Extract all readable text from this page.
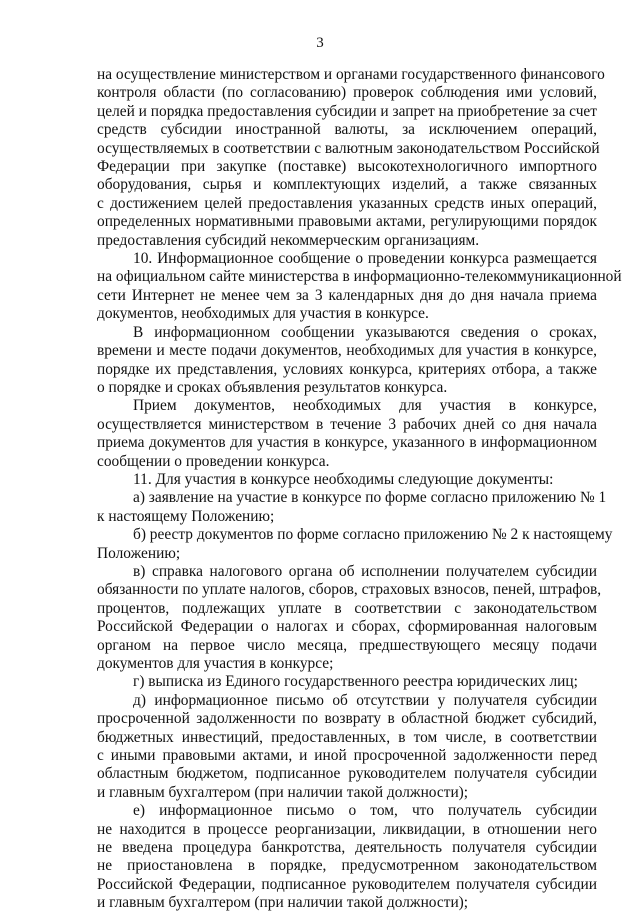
3
на осуществление министерством и органами государственного финансового
контроля области (по согласованию) проверок соблюдения ими условий,
целей и порядка предоставления субсидии и запрет на приобретение за счет
средств субсидии иностранной валюты, за исключением операций,
осуществляемых в соответствии с валютным законодательством Российской
Федерации при закупке (поставке) высокотехнологичного импортного
оборудования, сырья и комплектующих изделий, а также связанных
с достижением целей предоставления указанных средств иных операций,
определенных нормативными правовыми актами, регулирующими порядок
предоставления субсидий некоммерческим организациям.
10. Информационное сообщение о проведении конкурса размещается
на официальном сайте министерства в информационно-телекоммуникационной
сети Интернет не менее чем за 3 календарных дня до дня начала приема
документов, необходимых для участия в конкурсе.
В информационном сообщении указываются сведения о сроках,
времени и месте подачи документов, необходимых для участия в конкурсе,
порядке их представления, условиях конкурса, критериях отбора, а также
о порядке и сроках объявления результатов конкурса.
Прием документов, необходимых для участия в конкурсе,
осуществляется министерством в течение 3 рабочих дней со дня начала
приема документов для участия в конкурсе, указанного в информационном
сообщении о проведении конкурса.
11. Для участия в конкурсе необходимы следующие документы:
а) заявление на участие в конкурсе по форме согласно приложению № 1
к настоящему Положению;
б) реестр документов по форме согласно приложению № 2 к настоящему
Положению;
в) справка налогового органа об исполнении получателем субсидии
обязанности по уплате налогов, сборов, страховых взносов, пеней, штрафов,
процентов, подлежащих уплате в соответствии с законодательством
Российской Федерации о налогах и сборах, сформированная налоговым
органом на первое число месяца, предшествующего месяцу подачи
документов для участия в конкурсе;
г) выписка из Единого государственного реестра юридических лиц;
д) информационное письмо об отсутствии у получателя субсидии
просроченной задолженности по возврату в областной бюджет субсидий,
бюджетных инвестиций, предоставленных, в том числе, в соответствии
с иными правовыми актами, и иной просроченной задолженности перед
областным бюджетом, подписанное руководителем получателя субсидии
и главным бухгалтером (при наличии такой должности);
е) информационное письмо о том, что получатель субсидии
не находится в процессе реорганизации, ликвидации, в отношении него
не введена процедура банкротства, деятельность получателя субсидии
не приостановлена в порядке, предусмотренном законодательством
Российской Федерации, подписанное руководителем получателя субсидии
и главным бухгалтером (при наличии такой должности);
